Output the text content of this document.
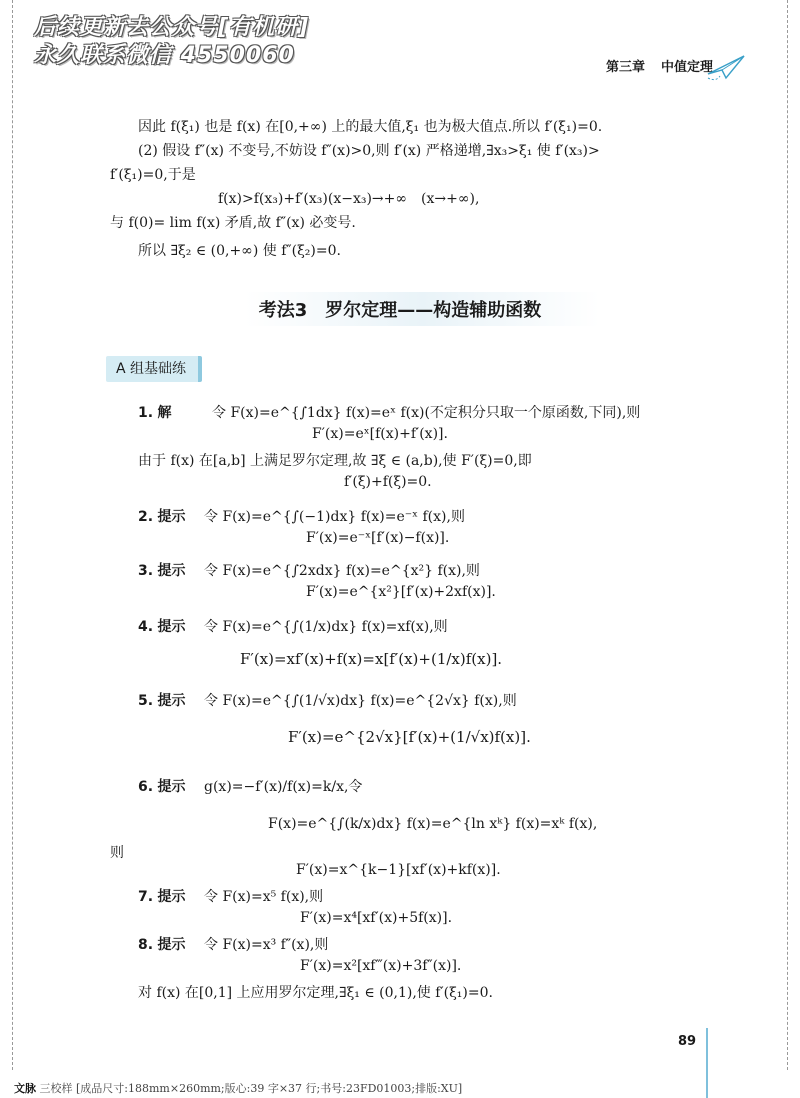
后续更新去公众号[有机研]
永久联系微信 4550060	第三章 中值定理
因此 f(ξ₁) 也是 f(x) 在[0,+∞) 上的最大值,ξ₁ 也为极大值点.所以 f′(ξ₁)=0.
(2) 假设 f″(x) 不变号,不妨设 f″(x)>0,则 f′(x) 严格递增,∃x₃>ξ₁ 使 f′(x₃)>
f′(ξ₁)=0,于是
f(x)>f(x₃)+f′(x₃)(x−x₃)→+∞　(x→+∞),
与 f(0)= lim f(x) 矛盾,故 f″(x) 必变号.
所以 ∃ξ₂ ∈ (0,+∞) 使 f″(ξ₂)=0.
考法3　罗尔定理——构造辅助函数
A 组基础练
1. 解	令 F(x)=e^{∫1dx} f(x)=eˣ f(x)(不定积分只取一个原函数,下同),则
F′(x)=eˣ[f(x)+f′(x)].
由于 f(x) 在[a,b] 上满足罗尔定理,故 ∃ξ ∈ (a,b),使 F′(ξ)=0,即
f′(ξ)+f(ξ)=0.
2. 提示 令 F(x)=e^{∫(−1)dx} f(x)=e⁻ˣ f(x),则
F′(x)=e⁻ˣ[f′(x)−f(x)].
3. 提示 令 F(x)=e^{∫2xdx} f(x)=e^{x²} f(x),则
F′(x)=e^{x²}[f′(x)+2xf(x)].
4. 提示 令 F(x)=e^{∫(1/x)dx} f(x)=xf(x),则
F′(x)=xf′(x)+f(x)=x[f′(x)+(1/x)f(x)].
5. 提示 令 F(x)=e^{∫(1/√x)dx} f(x)=e^{2√x} f(x),则
F′(x)=e^{2√x}[f′(x)+(1/√x)f(x)].
6. 提示 g(x)=−f′(x)/f(x)=k/x,令
F(x)=e^{∫(k/x)dx} f(x)=e^{ln xᵏ} f(x)=xᵏ f(x),
则
F′(x)=x^{k−1}[xf′(x)+kf(x)].
7. 提示 令 F(x)=x⁵ f(x),则
F′(x)=x⁴[xf′(x)+5f(x)].
8. 提示 令 F(x)=x³ f″(x),则
F′(x)=x²[xf‴(x)+3f″(x)].
对 f(x) 在[0,1] 上应用罗尔定理,∃ξ₁ ∈ (0,1),使 f′(ξ₁)=0.
89
文脉 三校样 [成品尺寸:188mm×260mm;版心:39 字×37 行;书号:23FD01003;排版:XU]
